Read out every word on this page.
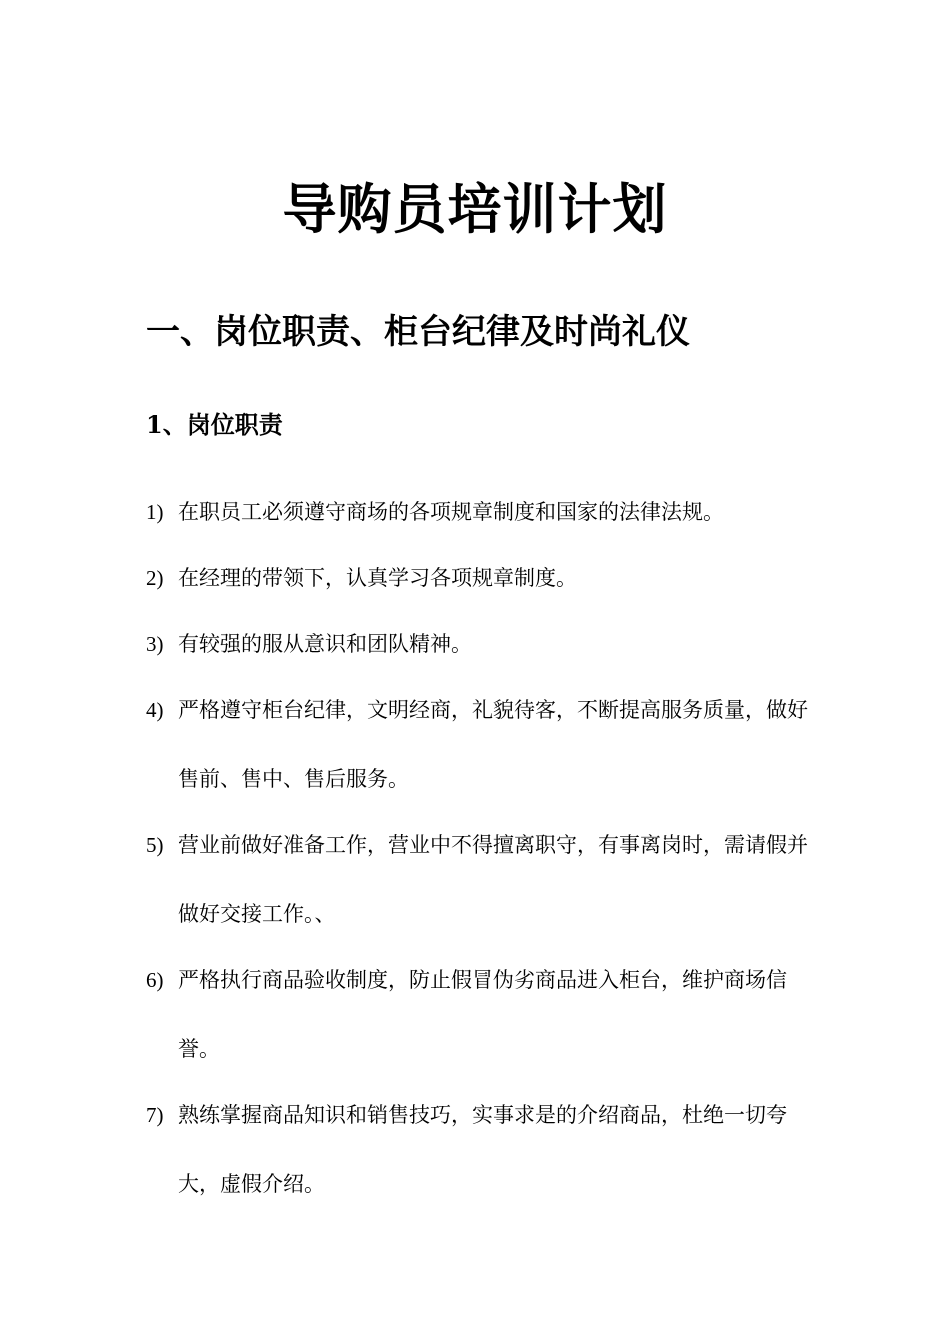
导购员培训计划
一、岗位职责、柜台纪律及时尚礼仪
1、岗位职责
1) 在职员工必须遵守商场的各项规章制度和国家的法律法规。
2) 在经理的带领下，认真学习各项规章制度。
3) 有较强的服从意识和团队精神。
4) 严格遵守柜台纪律，文明经商，礼貌待客，不断提高服务质量，做好售前、售中、售后服务。
5) 营业前做好准备工作，营业中不得擅离职守，有事离岗时，需请假并做好交接工作。、
6) 严格执行商品验收制度，防止假冒伪劣商品进入柜台，维护商场信誉。
7) 熟练掌握商品知识和销售技巧，实事求是的介绍商品，杜绝一切夸大，虚假介绍。
